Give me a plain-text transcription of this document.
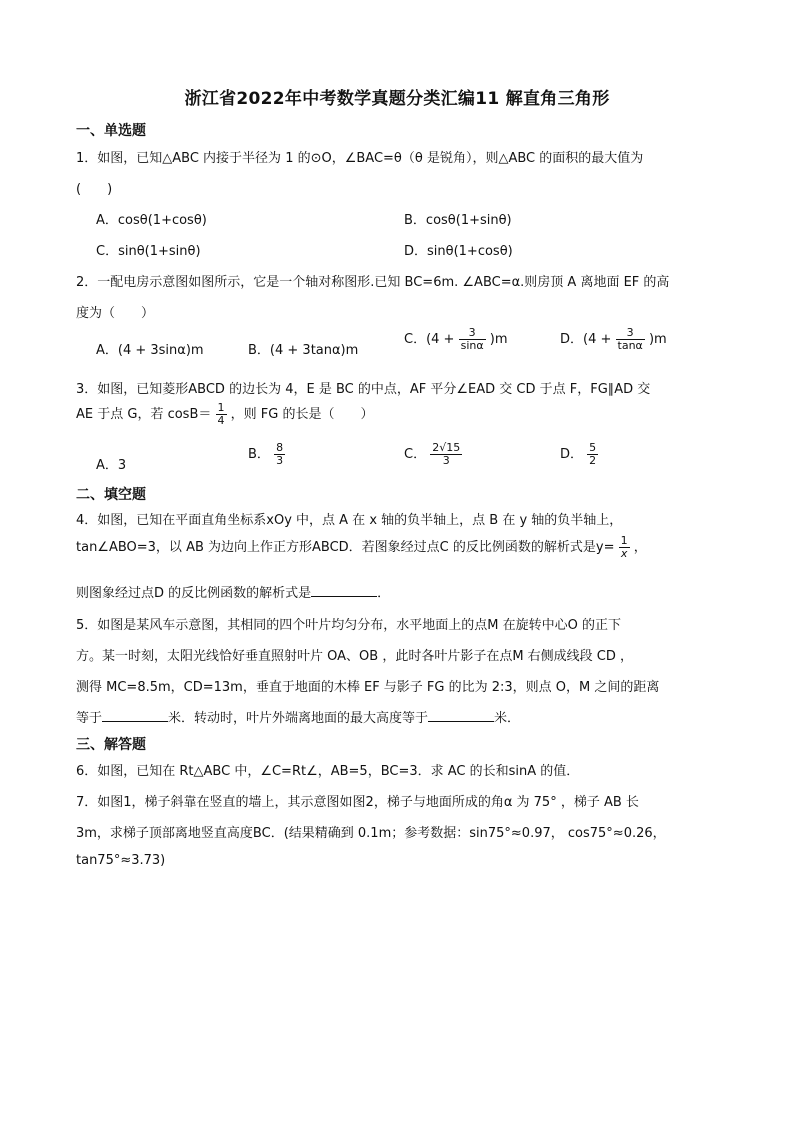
浙江省2022年中考数学真题分类汇编11 解直角三角形
一、单选题
1．如图，已知△ABC 内接于半径为 1 的⊙O，∠BAC=θ（θ 是锐角），则△ABC 的面积的最大值为
(　　)
A．cosθ(1+cosθ)	B．cosθ(1+sinθ)
C．sinθ(1+sinθ)	D．sinθ(1+cosθ)
2．一配电房示意图如图所示，它是一个轴对称图形.已知 BC=6m. ∠ABC=α.则房顶 A 离地面 EF 的高
度为（　　）
A．(4 + 3sinα)m	B．(4 + 3tanα)m
C．$(4 + \frac{3}{\sin\alpha} )m$	D．$(4 + \frac{3}{\tan\alpha} )m$
3．如图，已知菱形ABCD 的边长为 4，E 是 BC 的中点，AF 平分∠EAD 交 CD 于点 F，FG∥AD 交
AE 于点 G，若 $\cos B= \frac{1}{4}$ ，则 FG 的长是（　　）
A．3
B． $\frac{8}{3}$	C． $\frac{2√15}{3}$	D． $\frac{5}{2}$
二、填空题
4．如图，已知在平面直角坐标系xOy 中，点 A 在 x 轴的负半轴上，点 B 在 y 轴的负半轴上，
tan∠ABO=3，以 AB 为边向上作正方形ABCD．若图象经过点C 的反比例函数的解析式是$y= \frac{1}{x}$ ，
则图象经过点D 的反比例函数的解析式是	．
5．如图是某风车示意图，其相同的四个叶片均匀分布，水平地面上的点M 在旋转中心O 的正下
方。某一时刻，太阳光线恰好垂直照射叶片 OA、OB ，此时各叶片影子在点M 右侧成线段 CD ，
测得 MC=8.5m，CD=13m，垂直于地面的木棒 EF 与影子 FG 的比为 2:3，则点 O，M 之间的距离
等于	米．转动时，叶片外端离地面的最大高度等于	米．
三、解答题
6．如图，已知在 Rt△ABC 中，∠C=Rt∠，AB=5，BC=3．求 AC 的长和sinA 的值．
7．如图1，梯子斜靠在竖直的墙上，其示意图如图2，梯子与地面所成的角α 为 75° ，梯子 AB 长
3m，求梯子顶部离地竖直高度BC．(结果精确到 0.1m；参考数据：sin75°≈0.97， cos75°≈0.26，
tan75°≈3.73)
